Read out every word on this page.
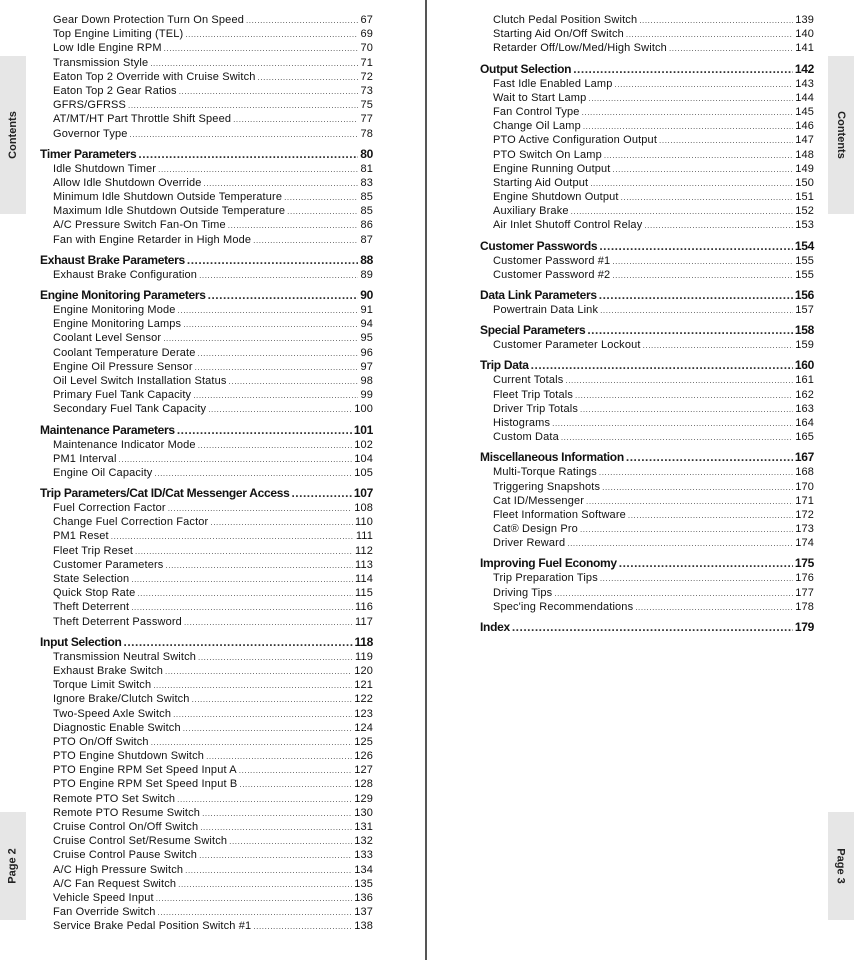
Contents
Page 2
Gear Down Protection Turn On Speed .....	67
Top Engine Limiting (TEL) .....	69
Low Idle Engine RPM .....	70
Transmission Style .....	71
Eaton Top 2 Override with Cruise Switch .....	72
Eaton Top 2 Gear Ratios .....	73
GFRS/GFRSS .....	75
AT/MT/HT Part Throttle Shift Speed .....	77
Governor Type .....	78
Timer Parameters .....	80
Idle Shutdown Timer .....	81
Allow Idle Shutdown Override .....	83
Minimum Idle Shutdown Outside Temperature .....	85
Maximum Idle Shutdown Outside Temperature .....	85
A/C Pressure Switch Fan-On Time .....	86
Fan with Engine Retarder in High Mode .....	87
Exhaust Brake Parameters .....	88
Exhaust Brake Configuration .....	89
Engine Monitoring Parameters .....	90
Engine Monitoring Mode .....	91
Engine Monitoring Lamps .....	94
Coolant Level Sensor .....	95
Coolant Temperature Derate .....	96
Engine Oil Pressure Sensor .....	97
Oil Level Switch Installation Status .....	98
Primary Fuel Tank Capacity .....	99
Secondary Fuel Tank Capacity .....	100
Maintenance Parameters .....	101
Maintenance Indicator Mode .....	102
PM1 Interval .....	104
Engine Oil Capacity .....	105
Trip Parameters/Cat ID/Cat Messenger Access .....	107
Fuel Correction Factor .....	108
Change Fuel Correction Factor .....	110
PM1 Reset .....	111
Fleet Trip Reset .....	112
Customer Parameters .....	113
State Selection .....	114
Quick Stop Rate .....	115
Theft Deterrent .....	116
Theft Deterrent Password .....	117
Input Selection .....	118
Transmission Neutral Switch .....	119
Exhaust Brake Switch .....	120
Torque Limit Switch .....	121
Ignore Brake/Clutch Switch .....	122
Two-Speed Axle Switch .....	123
Diagnostic Enable Switch .....	124
PTO On/Off Switch .....	125
PTO Engine Shutdown Switch .....	126
PTO Engine RPM Set Speed Input A .....	127
PTO Engine RPM Set Speed Input B .....	128
Remote PTO Set Switch .....	129
Remote PTO Resume Switch .....	130
Cruise Control On/Off Switch .....	131
Cruise Control Set/Resume Switch .....	132
Cruise Control Pause Switch .....	133
A/C High Pressure Switch .....	134
A/C Fan Request Switch .....	135
Vehicle Speed Input .....	136
Fan Override Switch .....	137
Service Brake Pedal Position Switch #1 .....	138
Clutch Pedal Position Switch .....	139
Starting Aid On/Off Switch .....	140
Retarder Off/Low/Med/High Switch .....	141
Output Selection .....	142
Fast Idle Enabled Lamp .....	143
Wait to Start Lamp .....	144
Fan Control Type .....	145
Change Oil Lamp .....	146
PTO Active Configuration Output .....	147
PTO Switch On Lamp .....	148
Engine Running Output .....	149
Starting Aid Output .....	150
Engine Shutdown Output .....	151
Auxiliary Brake .....	152
Air Inlet Shutoff Control Relay .....	153
Customer Passwords .....	154
Customer Password #1 .....	155
Customer Password #2 .....	155
Data Link Parameters .....	156
Powertrain Data Link .....	157
Special Parameters .....	158
Customer Parameter Lockout .....	159
Trip Data .....	160
Current Totals .....	161
Fleet Trip Totals .....	162
Driver Trip Totals .....	163
Histograms .....	164
Custom Data .....	165
Miscellaneous Information .....	167
Multi-Torque Ratings .....	168
Triggering Snapshots .....	170
Cat ID/Messenger .....	171
Fleet Information Software .....	172
Cat® Design Pro .....	173
Driver Reward .....	174
Improving Fuel Economy .....	175
Trip Preparation Tips .....	176
Driving Tips .....	177
Spec'ing Recommendations .....	178
Index .....	179
Contents
Page 3
